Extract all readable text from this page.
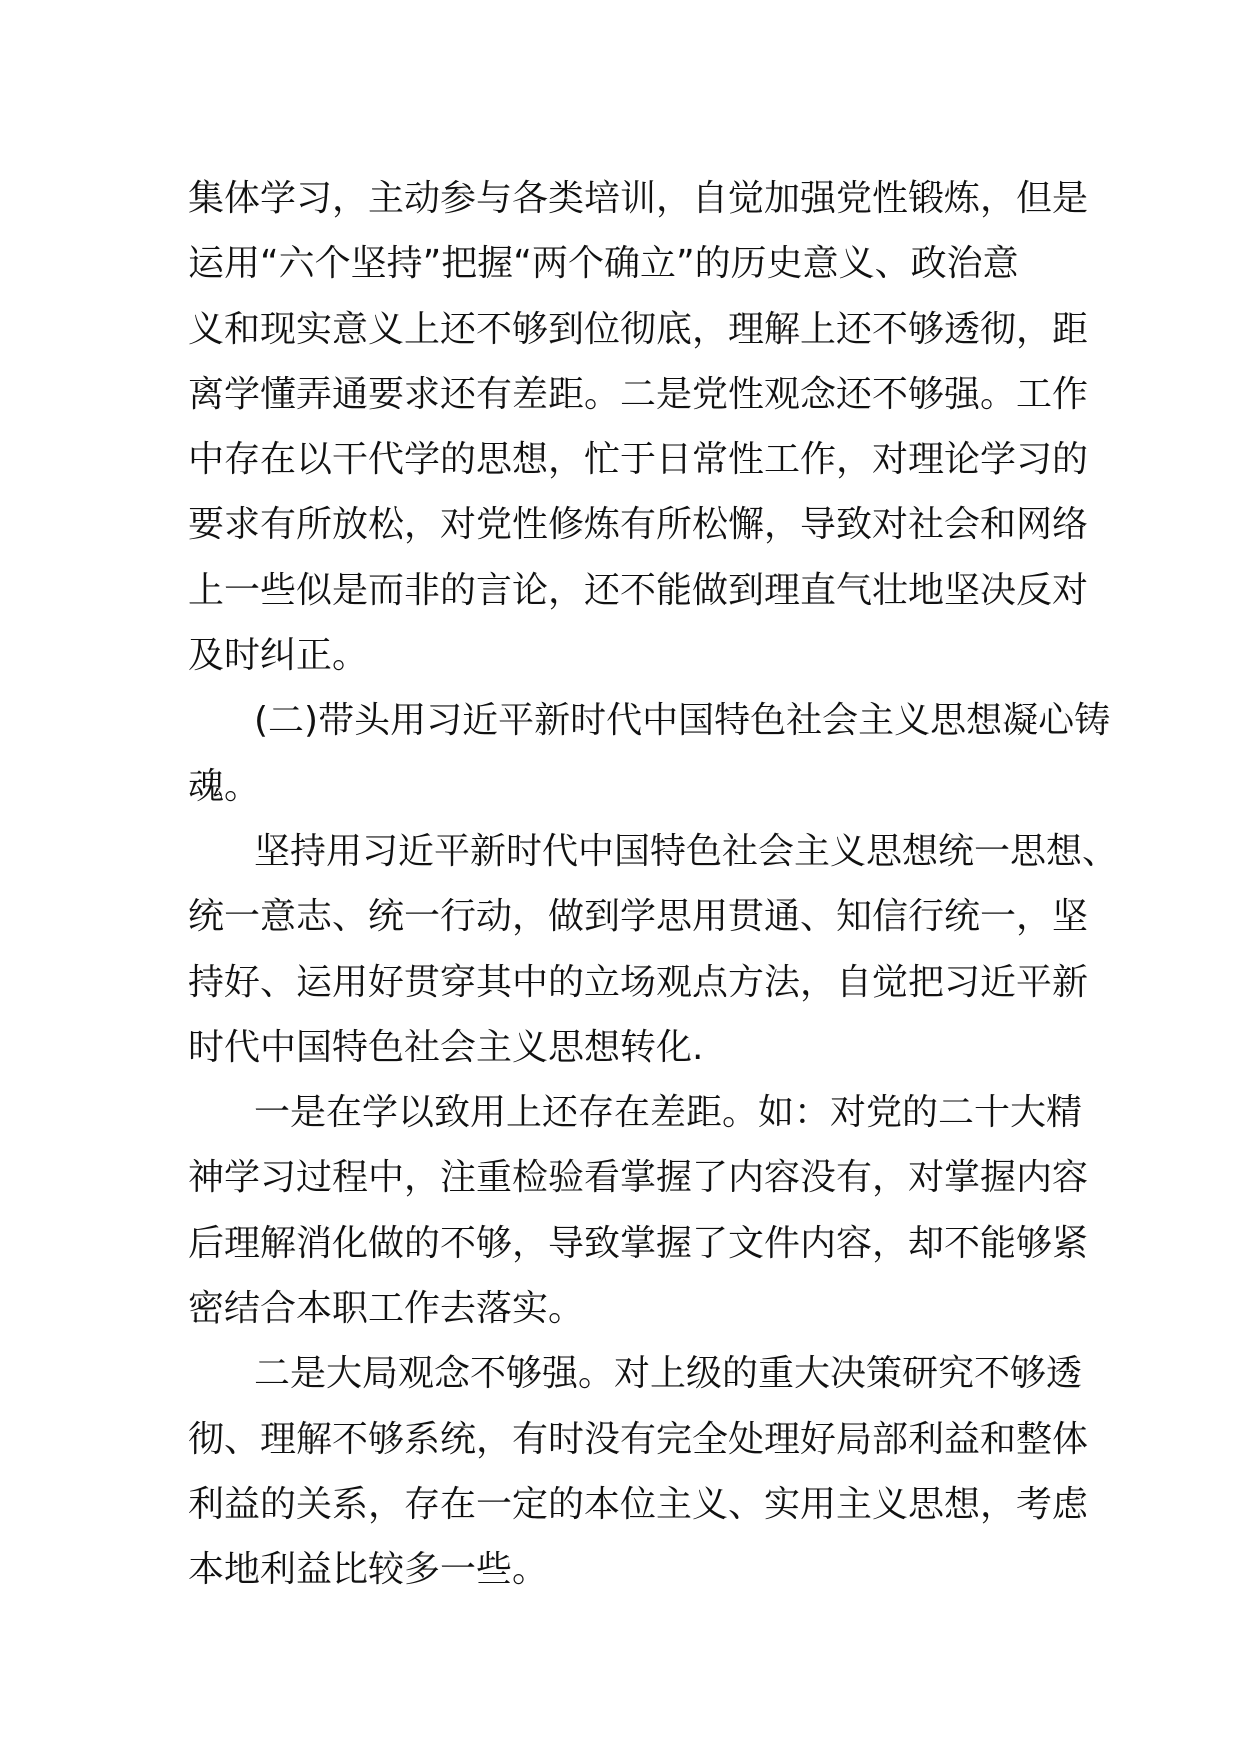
集体学习，主动参与各类培训，自觉加强党性锻炼，但是
运用“六个坚持”把握“两个确立”的历史意义、政治意
义和现实意义上还不够到位彻底，理解上还不够透彻，距
离学懂弄通要求还有差距。二是党性观念还不够强。工作
中存在以干代学的思想，忙于日常性工作，对理论学习的
要求有所放松，对党性修炼有所松懈，导致对社会和网络
上一些似是而非的言论，还不能做到理直气壮地坚决反对
及时纠正。
(二)带头用习近平新时代中国特色社会主义思想凝心铸
魂。
坚持用习近平新时代中国特色社会主义思想统一思想、
统一意志、统一行动，做到学思用贯通、知信行统一，坚
持好、运用好贯穿其中的立场观点方法，自觉把习近平新
时代中国特色社会主义思想转化.
一是在学以致用上还存在差距。如：对党的二十大精
神学习过程中，注重检验看掌握了内容没有，对掌握内容
后理解消化做的不够，导致掌握了文件内容，却不能够紧
密结合本职工作去落实。
二是大局观念不够强。对上级的重大决策研究不够透
彻、理解不够系统，有时没有完全处理好局部利益和整体
利益的关系，存在一定的本位主义、实用主义思想，考虑
本地利益比较多一些。
